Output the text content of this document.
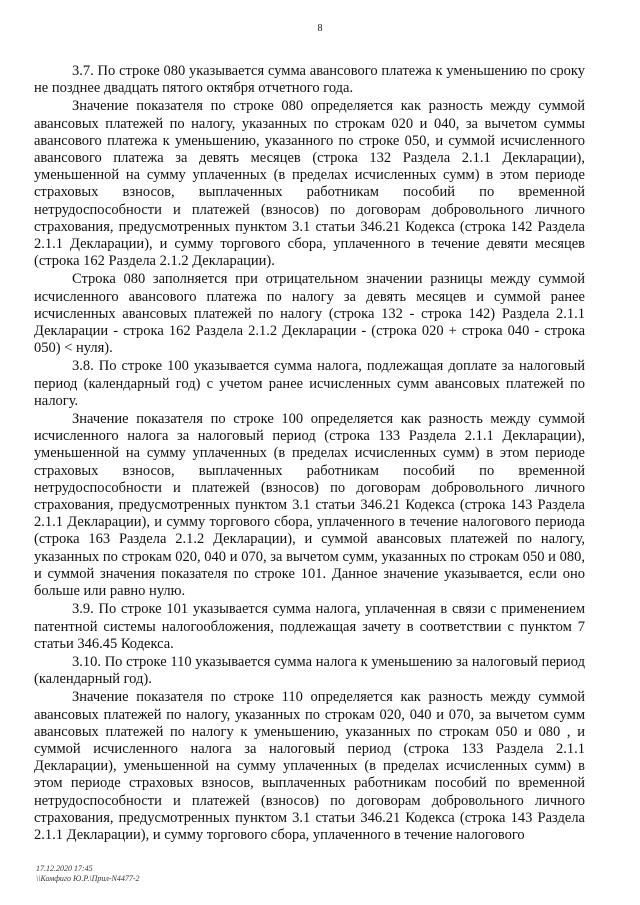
8

3.7. По строке 080 указывается сумма авансового платежа к уменьшению по сроку не позднее двадцать пятого октября отчетного года.

Значение показателя по строке 080 определяется как разность между суммой авансовых платежей по налогу, указанных по строкам 020 и 040, за вычетом суммы авансового платежа к уменьшению, указанного по строке 050, и суммой исчисленного авансового платежа за девять месяцев (строка 132 Раздела 2.1.1 Декларации), уменьшенной на сумму уплаченных (в пределах исчисленных сумм) в этом периоде страховых взносов, выплаченных работникам пособий по временной нетрудоспособности и платежей (взносов) по договорам добровольного личного страхования, предусмотренных пунктом 3.1 статьи 346.21 Кодекса (строка 142 Раздела 2.1.1 Декларации), и сумму торгового сбора, уплаченного в течение девяти месяцев (строка 162 Раздела 2.1.2 Декларации).

Строка 080 заполняется при отрицательном значении разницы между суммой исчисленного авансового платежа по налогу за девять месяцев и суммой ранее исчисленных авансовых платежей по налогу (строка 132 - строка 142) Раздела 2.1.1 Декларации - строка 162 Раздела 2.1.2 Декларации - (строка 020 + строка 040 - строка 050) < нуля).

3.8. По строке 100 указывается сумма налога, подлежащая доплате за налоговый период (календарный год) с учетом ранее исчисленных сумм авансовых платежей по налогу.

Значение показателя по строке 100 определяется как разность между суммой исчисленного налога за налоговый период (строка 133 Раздела 2.1.1 Декларации), уменьшенной на сумму уплаченных (в пределах исчисленных сумм) в этом периоде страховых взносов, выплаченных работникам пособий по временной нетрудоспособности и платежей (взносов) по договорам добровольного личного страхования, предусмотренных пунктом 3.1 статьи 346.21 Кодекса (строка 143 Раздела 2.1.1 Декларации), и сумму торгового сбора, уплаченного в течение налогового периода (строка 163 Раздела 2.1.2 Декларации), и суммой авансовых платежей по налогу, указанных по строкам 020, 040 и 070, за вычетом сумм, указанных по строкам 050 и 080, и суммой значения показателя по строке 101. Данное значение указывается, если оно больше или равно нулю.

3.9. По строке 101 указывается сумма налога, уплаченная в связи с применением патентной системы налогообложения, подлежащая зачету в соответствии с пунктом 7 статьи 346.45 Кодекса.

3.10. По строке 110 указывается сумма налога к уменьшению за налоговый период (календарный год).

Значение показателя по строке 110 определяется как разность между суммой авансовых платежей по налогу, указанных по строкам 020, 040 и 070, за вычетом сумм авансовых платежей по налогу к уменьшению, указанных по строкам 050 и 080 , и суммой исчисленного налога за налоговый период (строка 133 Раздела 2.1.1 Декларации), уменьшенной на сумму уплаченных (в пределах исчисленных сумм) в этом периоде страховых взносов, выплаченных работникам пособий по временной нетрудоспособности и платежей (взносов) по договорам добровольного личного страхования, предусмотренных пунктом 3.1 статьи 346.21 Кодекса (строка 143 Раздела 2.1.1 Декларации), и сумму торгового сбора, уплаченного в течение налогового

17.12.2020 17:45
\\Комфиго Ю.Р.\Прил-N4477-2
